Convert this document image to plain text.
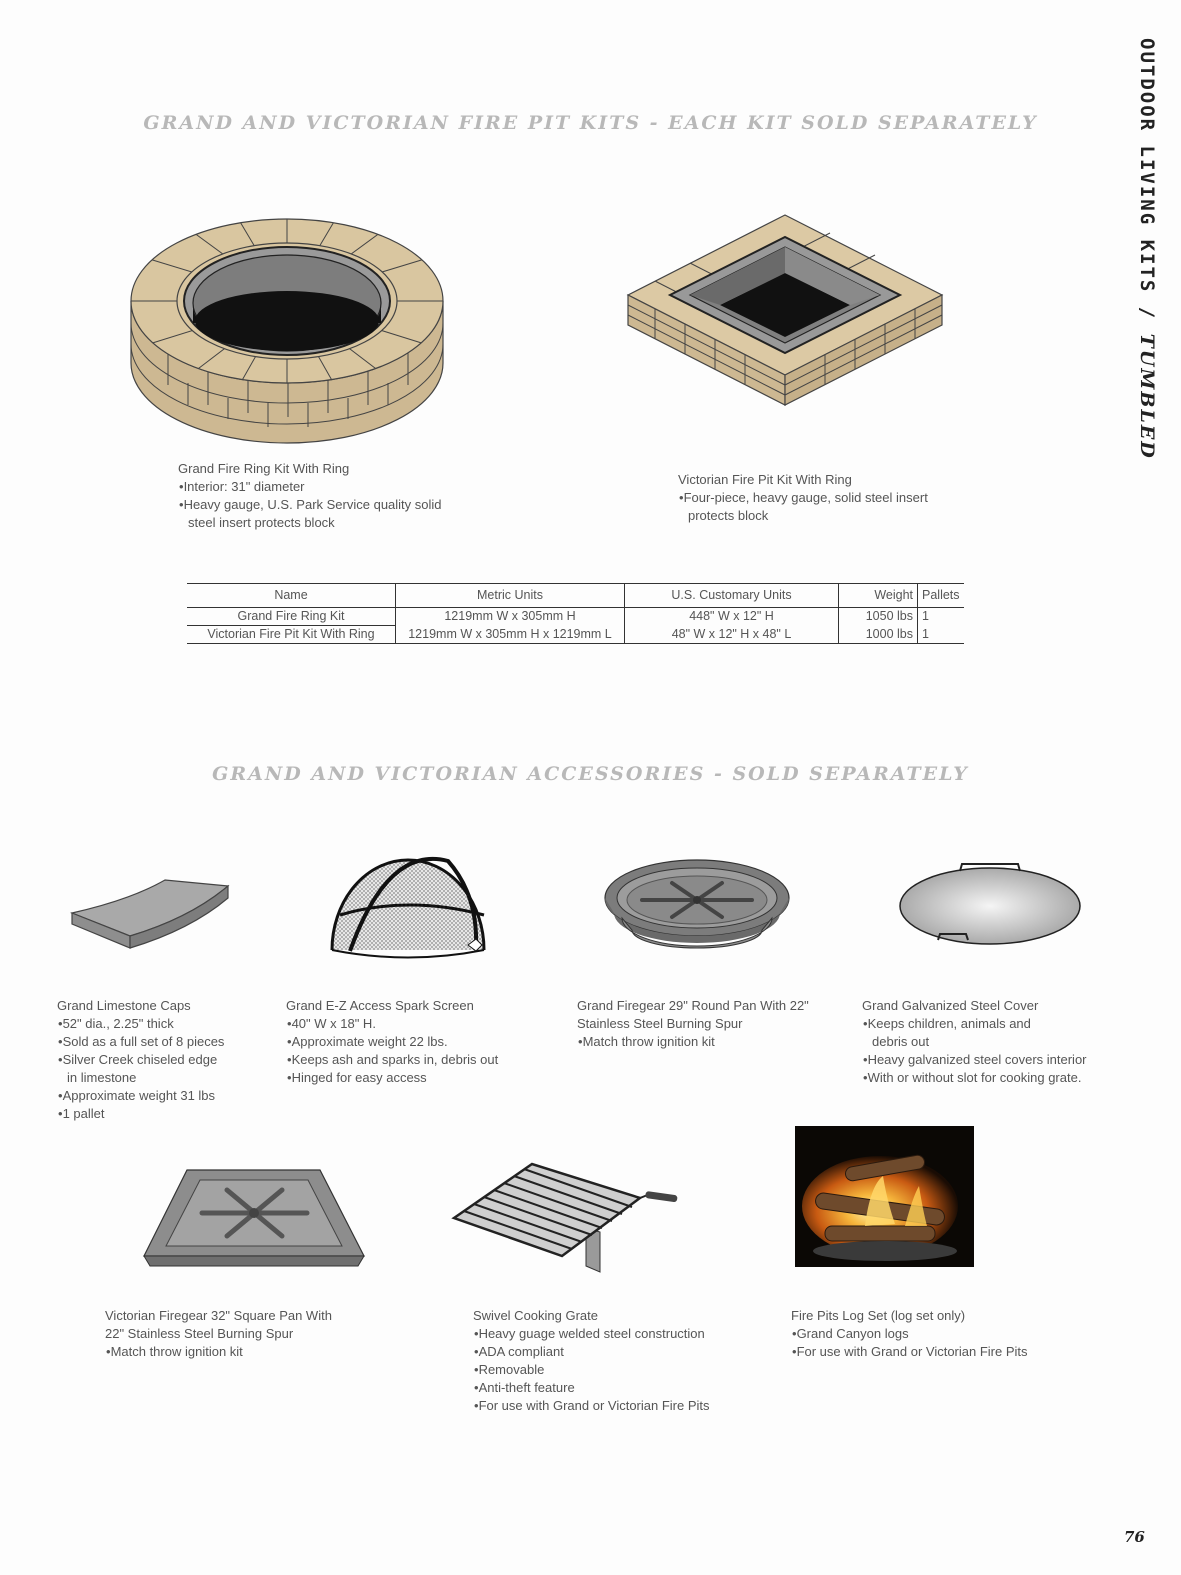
OUTDOOR LIVING KITS / TUMBLED
GRAND AND VICTORIAN FIRE PIT KITS - EACH KIT SOLD SEPARATELY
Grand Fire Ring Kit With Ring
• Interior: 31" diameter
• Heavy gauge, U.S. Park Service quality solid steel insert protects block
Victorian Fire Pit Kit With Ring
• Four-piece, heavy gauge, solid steel insert protects block
Name	Metric Units	U.S. Customary Units	Weight	Pallets
Grand Fire Ring Kit	1219mm W x 305mm H	448" W x 12" H	1050 lbs	1
Victorian Fire Pit Kit With Ring	1219mm W x 305mm H x 1219mm L	48" W x 12" H x 48" L	1000 lbs	1
GRAND AND VICTORIAN ACCESSORIES - SOLD SEPARATELY
Grand Limestone Caps
• 52" dia., 2.25" thick
• Sold as a full set of 8 pieces
• Silver Creek chiseled edge in limestone
• Approximate weight 31 lbs
• 1 pallet
Grand E-Z Access Spark Screen
• 40" W x 18" H.
• Approximate weight 22 lbs.
• Keeps ash and sparks in, debris out
• Hinged for easy access
Grand Firegear 29" Round Pan With 22" Stainless Steel Burning Spur
• Match throw ignition kit
Grand Galvanized Steel Cover
• Keeps children, animals and debris out
• Heavy galvanized steel covers interior
• With or without slot for cooking grate.
Victorian Firegear 32" Square Pan With 22" Stainless Steel Burning Spur
• Match throw ignition kit
Swivel Cooking Grate
• Heavy guage welded steel construction
• ADA compliant
• Removable
• Anti-theft feature
• For use with Grand or Victorian Fire Pits
Fire Pits Log Set (log set only)
• Grand Canyon logs
• For use with Grand or Victorian Fire Pits
76
